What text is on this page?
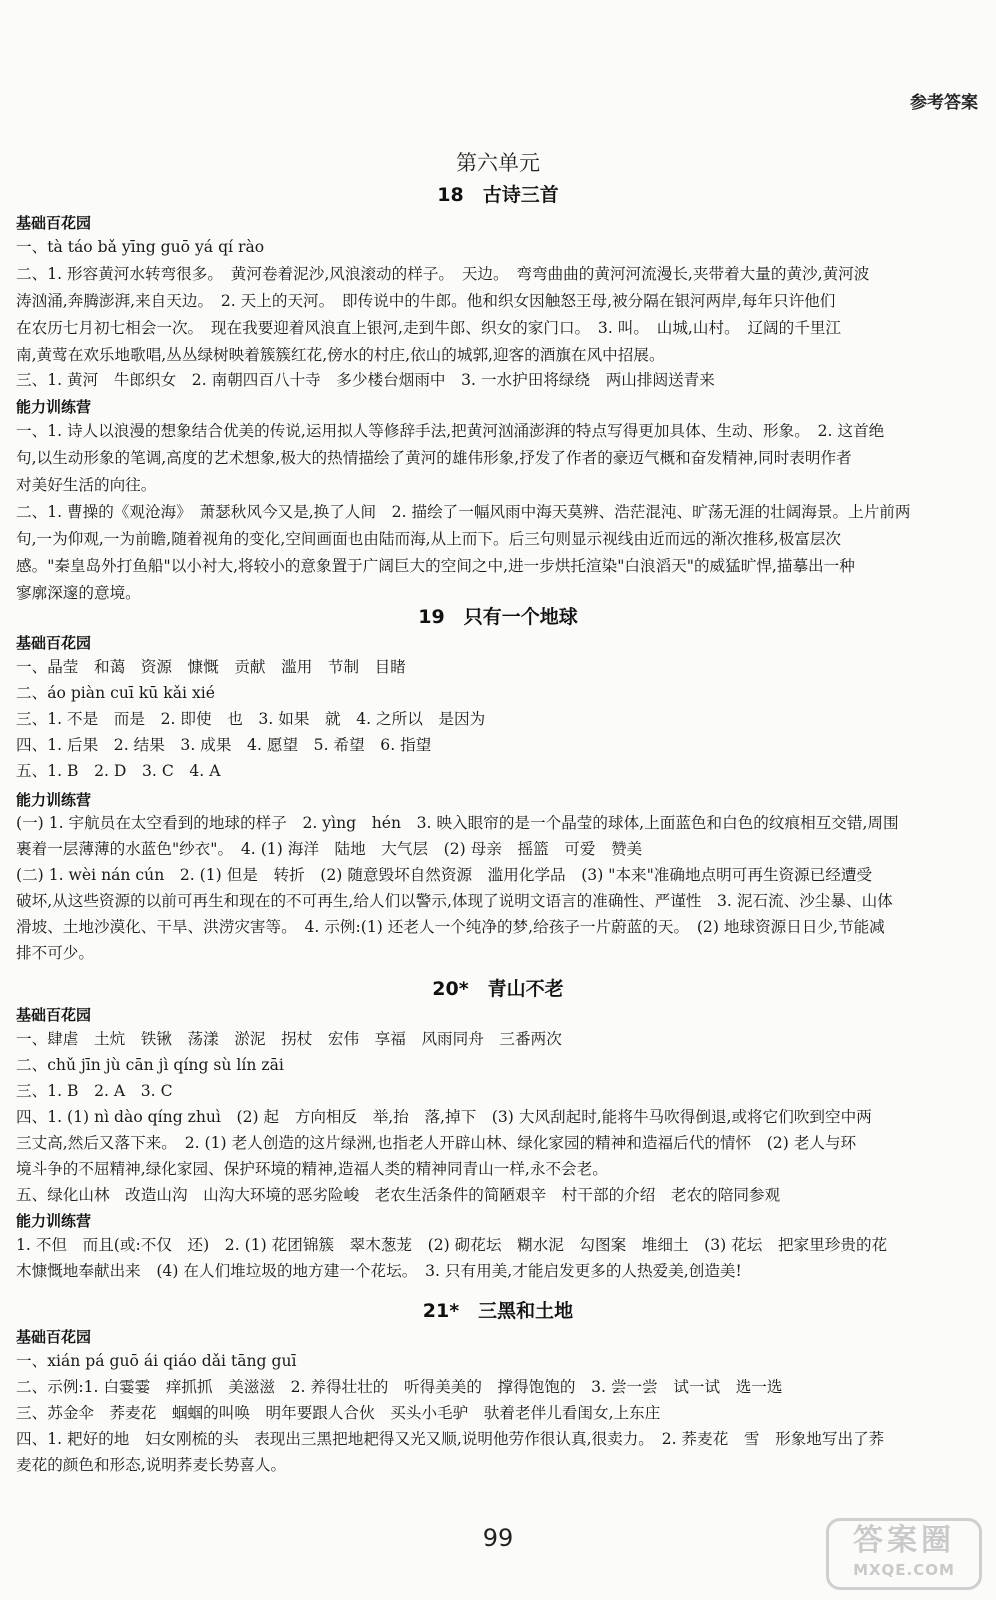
参考答案
第六单元
18　古诗三首
基础百花园
一、tà táo bǎ yīng guō yá qí rào
二、1. 形容黄河水转弯很多。　黄河卷着泥沙,风浪滚动的样子。　天边。　弯弯曲曲的黄河河流漫长,夹带着大量的黄沙,黄河波
涛汹涌,奔腾澎湃,来自天边。　2. 天上的天河。　即传说中的牛郎。他和织女因触怒王母,被分隔在银河两岸,每年只许他们
在农历七月初七相会一次。　现在我要迎着风浪直上银河,走到牛郎、织女的家门口。　3. 叫。　山城,山村。　辽阔的千里江
南,黄莺在欢乐地歌唱,丛丛绿树映着簇簇红花,傍水的村庄,依山的城郭,迎客的酒旗在风中招展。
三、1. 黄河　牛郎织女　2. 南朝四百八十寺　多少楼台烟雨中　3. 一水护田将绿绕　两山排闼送青来
能力训练营
一、1. 诗人以浪漫的想象结合优美的传说,运用拟人等修辞手法,把黄河汹涌澎湃的特点写得更加具体、生动、形象。　2. 这首绝
句,以生动形象的笔调,高度的艺术想象,极大的热情描绘了黄河的雄伟形象,抒发了作者的豪迈气概和奋发精神,同时表明作者
对美好生活的向往。
二、1. 曹操的《观沧海》　萧瑟秋风今又是,换了人间　2. 描绘了一幅风雨中海天莫辨、浩茫混沌、旷荡无涯的壮阔海景。上片前两
句,一为仰观,一为前瞻,随着视角的变化,空间画面也由陆而海,从上而下。后三句则显示视线由近而远的渐次推移,极富层次
感。"秦皇岛外打鱼船"以小衬大,将较小的意象置于广阔巨大的空间之中,进一步烘托渲染"白浪滔天"的威猛旷悍,描摹出一种
寥廓深邃的意境。
19　只有一个地球
基础百花园
一、晶莹　和蔼　资源　慷慨　贡献　滥用　节制　目睹
二、áo piàn cuī kū kǎi xié
三、1. 不是　而是　2. 即使　也　3. 如果　就　4. 之所以　是因为
四、1. 后果　2. 结果　3. 成果　4. 愿望　5. 希望　6. 指望
五、1. B　2. D　3. C　4. A
能力训练营
(一) 1. 宇航员在太空看到的地球的样子　2. yìng　hén　3. 映入眼帘的是一个晶莹的球体,上面蓝色和白色的纹痕相互交错,周围
裹着一层薄薄的水蓝色"纱衣"。　4. (1) 海洋　陆地　大气层　(2) 母亲　摇篮　可爱　赞美
(二) 1. wèi nán cún　2. (1) 但是　转折　(2) 随意毁坏自然资源　滥用化学品　(3) "本来"准确地点明可再生资源已经遭受
破坏,从这些资源的以前可再生和现在的不可再生,给人们以警示,体现了说明文语言的准确性、严谨性　3. 泥石流、沙尘暴、山体
滑坡、土地沙漠化、干旱、洪涝灾害等。　4. 示例:(1) 还老人一个纯净的梦,给孩子一片蔚蓝的天。　(2) 地球资源日日少,节能减
排不可少。
20*　青山不老
基础百花园
一、肆虐　土炕　铁锹　荡漾　淤泥　拐杖　宏伟　享福　风雨同舟　三番两次
二、chǔ jīn jù cān jì qíng sù lín zāi
三、1. B　2. A　3. C
四、1. (1) nì dào qíng zhuì　(2) 起　方向相反　举,抬　落,掉下　(3) 大风刮起时,能将牛马吹得倒退,或将它们吹到空中两
三丈高,然后又落下来。　2. (1) 老人创造的这片绿洲,也指老人开辟山林、绿化家园的精神和造福后代的情怀　(2) 老人与环
境斗争的不屈精神,绿化家园、保护环境的精神,造福人类的精神同青山一样,永不会老。
五、绿化山林　改造山沟　山沟大环境的恶劣险峻　老农生活条件的简陋艰辛　村干部的介绍　老农的陪同参观
能力训练营
1. 不但　而且(或:不仅　还)　2. (1) 花团锦簇　翠木葱茏　(2) 砌花坛　糊水泥　勾图案　堆细土　(3) 花坛　把家里珍贵的花
木慷慨地奉献出来　(4) 在人们堆垃圾的地方建一个花坛。　3. 只有用美,才能启发更多的人热爱美,创造美!
21*　三黑和土地
基础百花园
一、xián pá guō ái qiáo dǎi tāng guī
二、示例:1. 白霎霎　痒抓抓　美滋滋　2. 养得壮壮的　听得美美的　撑得饱饱的　3. 尝一尝　试一试　选一选
三、苏金伞　荞麦花　蝈蝈的叫唤　明年要跟人合伙　买头小毛驴　驮着老伴儿看闺女,上东庄
四、1. 耙好的地　妇女刚梳的头　表现出三黑把地耙得又光又顺,说明他劳作很认真,很卖力。　2. 荞麦花　雪　形象地写出了荞
麦花的颜色和形态,说明荞麦长势喜人。
99	答案圈
MXQE.COM
